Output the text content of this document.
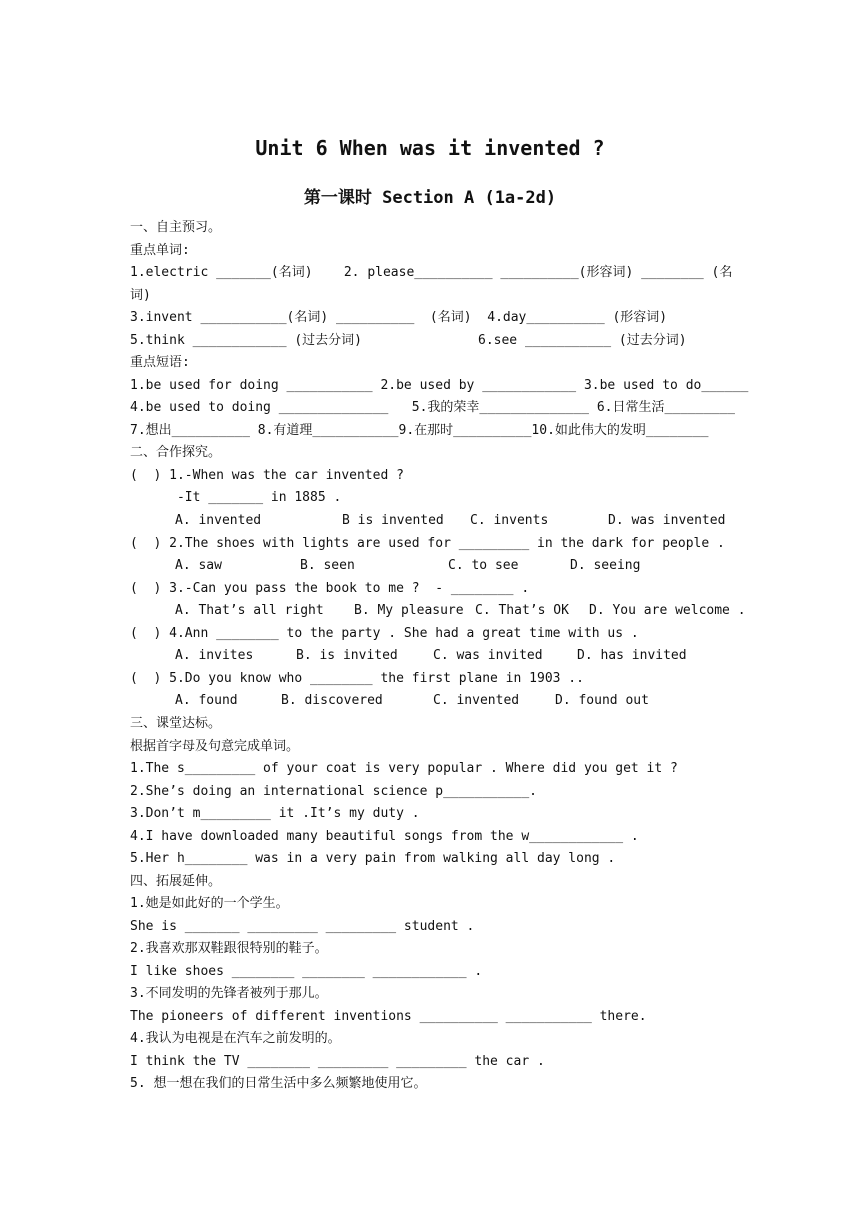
Unit 6 When was it invented ?
第一课时 Section A (1a-2d)
一、自主预习。
重点单词:
1.electric _______(名词)    2. please__________ __________(形容词) ________ (名
词)
3.invent ___________(名词) __________  (名词)  4.day__________ (形容词)

5.think ____________ (过去分词)

	6.see ___________ (过去分词)

重点短语:
1.be used for doing ___________ 2.be used by ____________ 3.be used to do______
4.be used to doing ______________   5.我的荣幸______________ 6.日常生活_________
7.想出__________ 8.有道理___________9.在那时__________10.如此伟大的发明________
二、合作探究。
(  ) 1.-When was the car invented ?
-It _______ in 1885 .

A. invented

	B is invented

C. invents

	D. was invented

(  ) 2.The shoes with lights are used for _________ in the dark for people .

A. saw

	B. seen

	C. to see

	D. seeing

(  ) 3.-Can you pass the book to me ?  - ________ .

A. That’s all right

B. My pleasure

C. That’s OK

D. You are welcome .

(  ) 4.Ann ________ to the party . She had a great time with us .

A. invites

	B. is invited

	C. was invited

	D. has invited

(  ) 5.Do you know who ________ the first plane in 1903 ..

A. found

	B. discovered

	C. invented

	D. found out

三、课堂达标。
根据首字母及句意完成单词。
1.The s_________ of your coat is very popular . Where did you get it ?
2.She’s doing an international science p___________.
3.Don’t m_________ it .It’s my duty .
4.I have downloaded many beautiful songs from the w____________ .
5.Her h________ was in a very pain from walking all day long .
四、拓展延伸。
1.她是如此好的一个学生。
She is _______ _________ _________ student .
2.我喜欢那双鞋跟很特别的鞋子。
I like shoes ________ ________ ____________ .
3.不同发明的先锋者被列于那儿。
The pioneers of different inventions __________ ___________ there.
4.我认为电视是在汽车之前发明的。
I think the TV ________ _________ _________ the car .
5. 想一想在我们的日常生活中多么频繁地使用它。
